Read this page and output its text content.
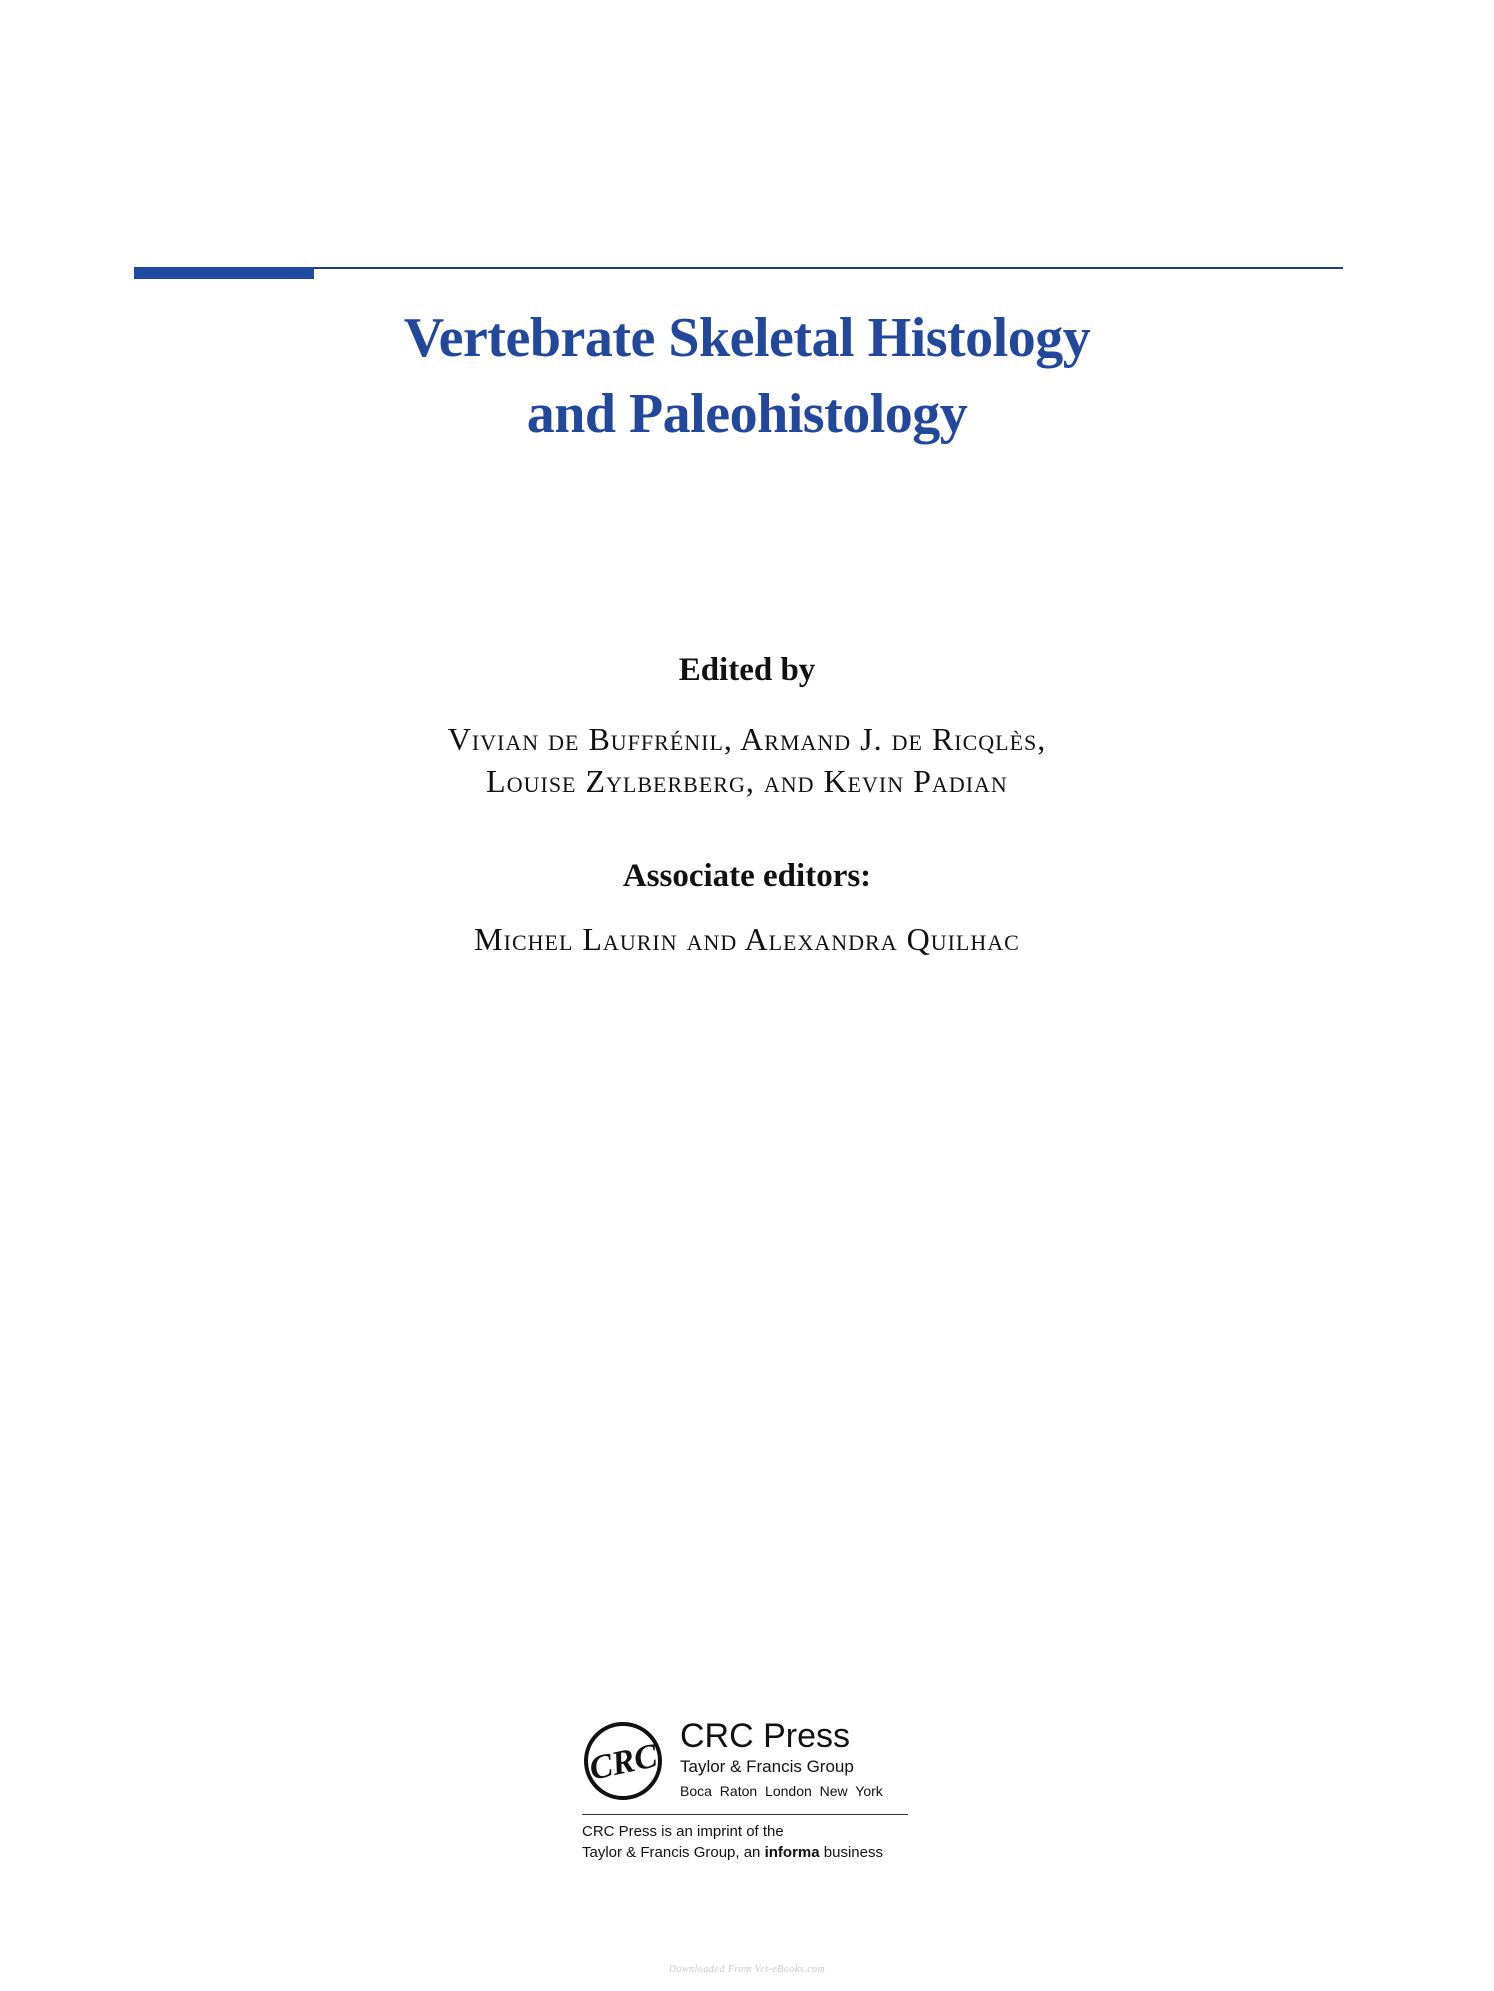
Vertebrate Skeletal Histology
and Paleohistology
Edited by
Vivian de Buffrénil, Armand J. de Ricqlès,
Louise Zylberberg, and Kevin Padian
Associate editors:
Michel Laurin and Alexandra Quilhac
CRC
CRC Press
Taylor & Francis Group
Boca Raton London New York
CRC Press is an imprint of the
Taylor & Francis Group, an informa business
Downloaded From Vet-eBooks.com
